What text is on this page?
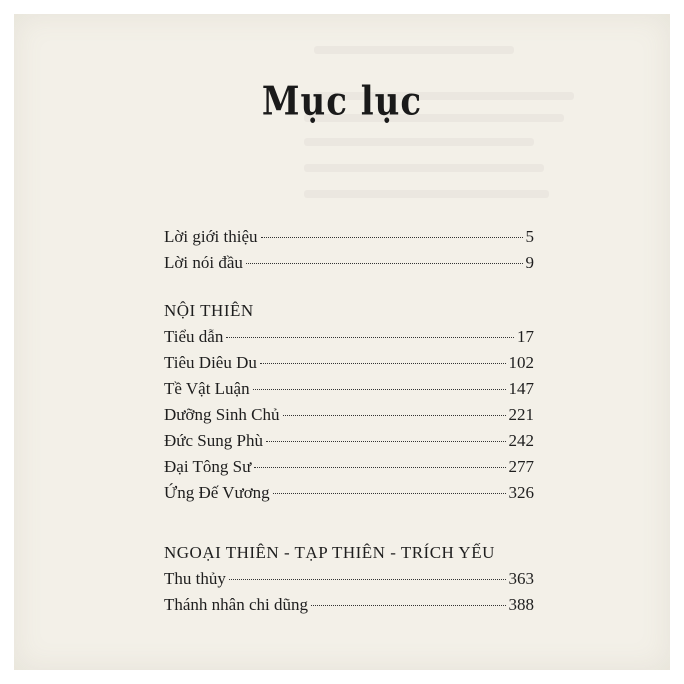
Mục lục
Lời giới thiệu	5
Lời nói đầu	9
NỘI THIÊN
Tiểu dẫn	17
Tiêu Diêu Du	102
Tề Vật Luận	147
Dưỡng Sinh Chủ	221
Đức Sung Phù	242
Đại Tông Sư	277
Ứng Đế Vương	326
NGOẠI THIÊN - TẠP THIÊN - TRÍCH YẾU
Thu thủy	363
Thánh nhân chi dũng	388
